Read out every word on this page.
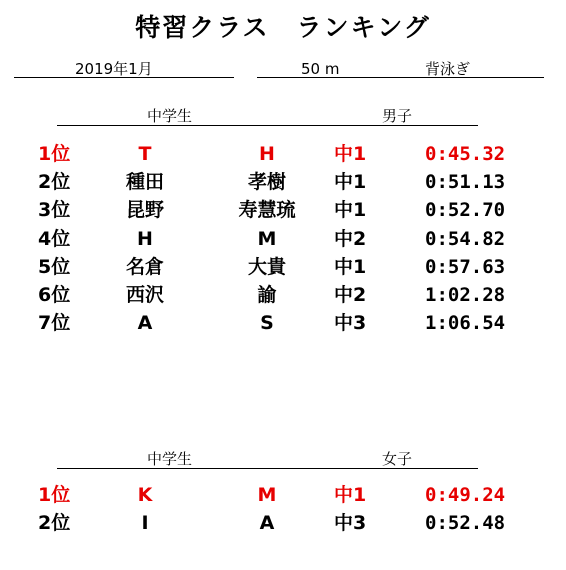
特習クラス　ランキング
2019年1月	50 m	背泳ぎ
中学生	男子
1位	T	H	中1	0:45.32
2位	種田	孝樹	中1	0:51.13
3位	昆野	寿慧琉	中1	0:52.70
4位	H	M	中2	0:54.82
5位	名倉	大貴	中1	0:57.63
6位	西沢	諭	中2	1:02.28
7位	A	S	中3	1:06.54
中学生	女子
1位	K	M	中1	0:49.24
2位	I	A	中3	0:52.48
